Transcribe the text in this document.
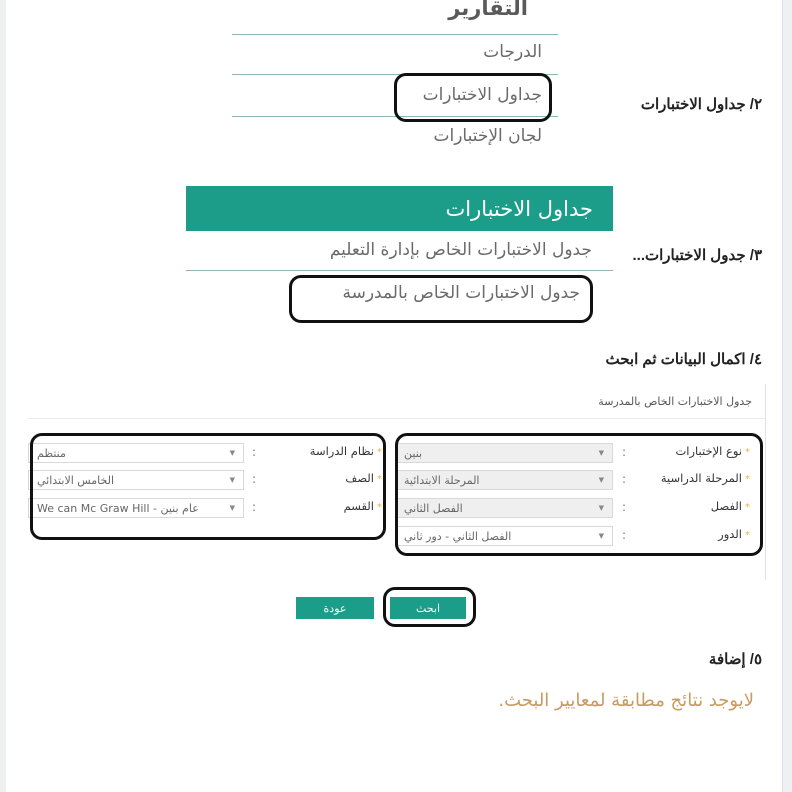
التقارير
الدرجات
جداول الاختبارات
لجان الإختبارات
٢/ جداول الاختبارات
جداول الاختبارات
جدول الاختبارات الخاص بإدارة التعليم
جدول الاختبارات الخاص بالمدرسة
٣/ جدول الاختبارات...
٤/ اكمال البيانات ثم ابحث
جدول الاختبارات الخاص بالمدرسة
*نوع الإختبارات
:
▼
بنين
*المرحلة الدراسية
:
▼
المرحلة الابتدائية
*الفصل
:
▼
الفصل الثاني
*الدور
:
▼
الفصل الثاني - دور ثاني
*نظام الدراسة
:
▼
منتظم
*الصف
:
▼
الخامس الابتدائي
*القسم
:
▼
عام بنين - We can Mc Graw Hill
ابحث
عودة
٥/ إضافة
لايوجد نتائج مطابقة لمعايير البحث.
